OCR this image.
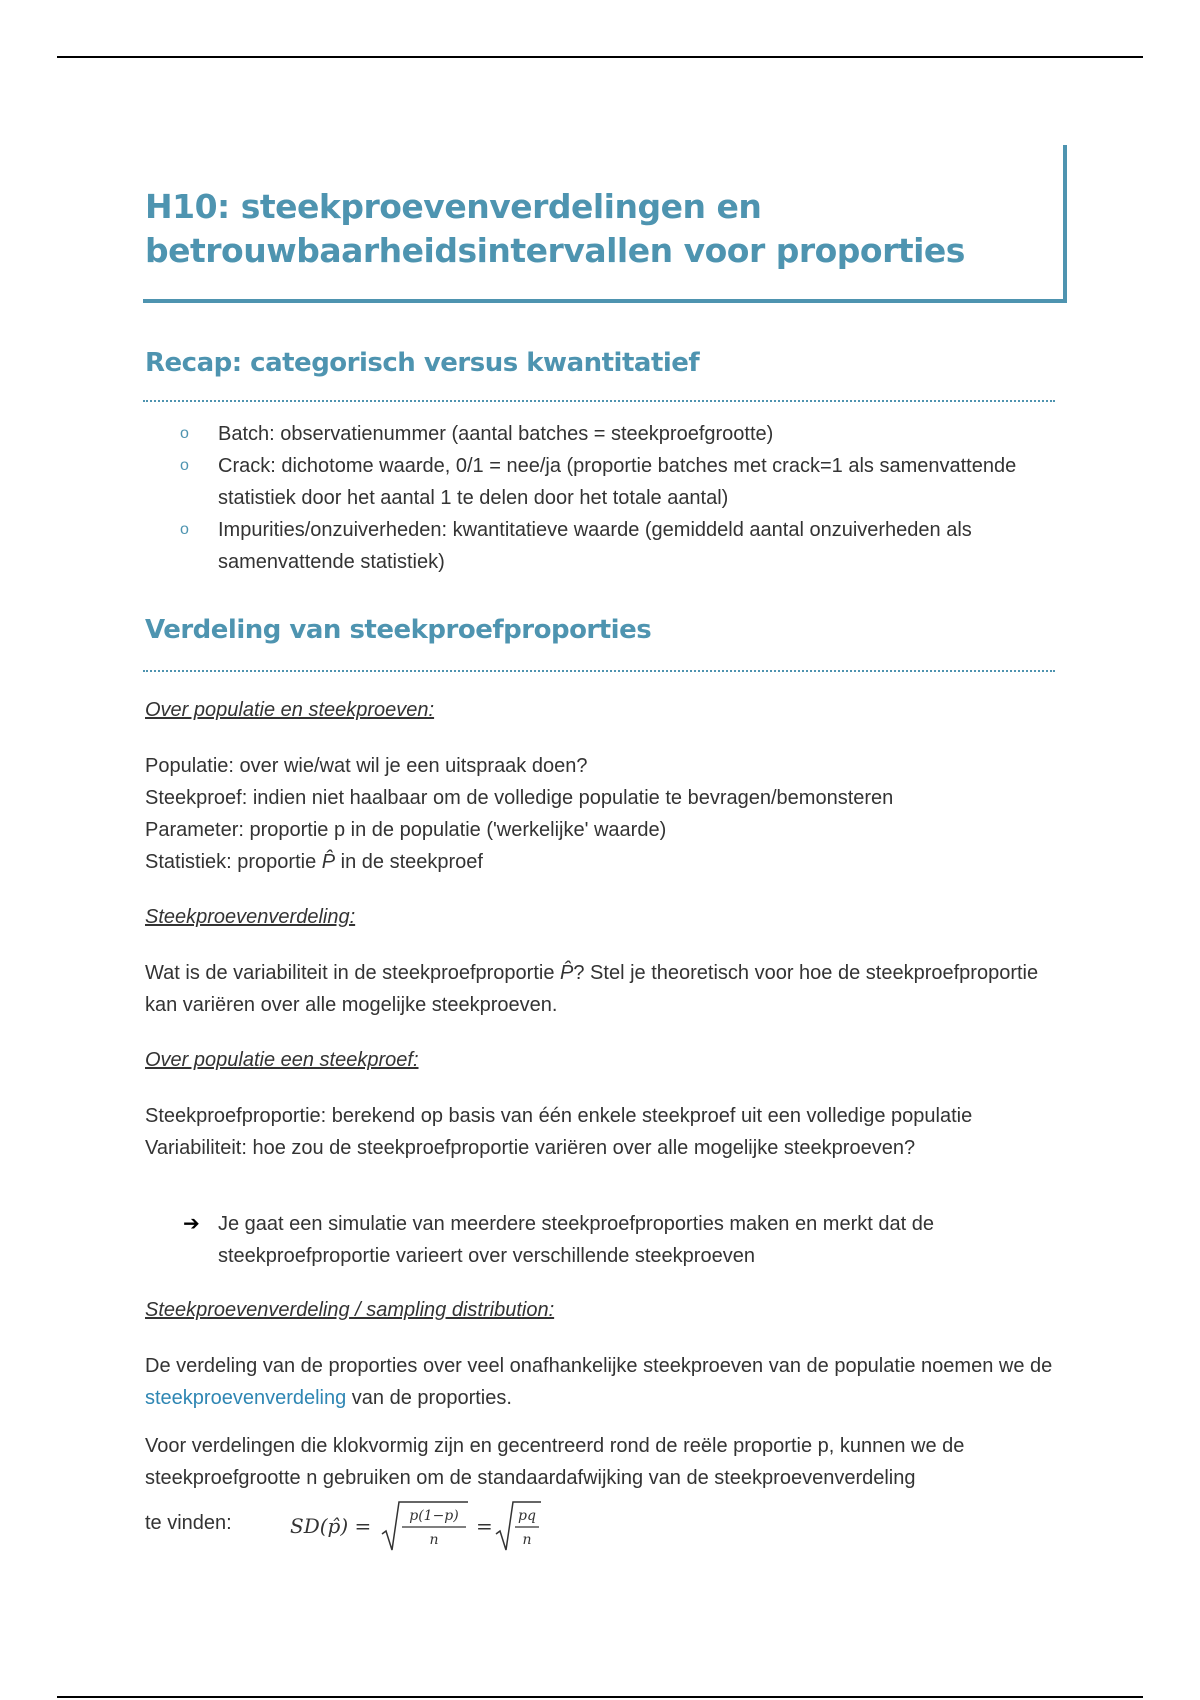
H10: steekproevenverdelingen en betrouwbaarheidsintervallen voor proporties
Recap: categorisch versus kwantitatief
o Batch: observatienummer (aantal batches = steekproefgrootte)
o Crack: dichotome waarde, 0/1 = nee/ja (proportie batches met crack=1 als samenvattende statistiek door het aantal 1 te delen door het totale aantal)
o Impurities/onzuiverheden: kwantitatieve waarde (gemiddeld aantal onzuiverheden als samenvattende statistiek)
Verdeling van steekproefproporties

Over populatie en steekproeven:

Populatie: over wie/wat wil je een uitspraak doen?
Steekproef: indien niet haalbaar om de volledige populatie te bevragen/bemonsteren
Parameter: proportie p in de populatie ('werkelijke' waarde)
Statistiek: proportie P̂ in de steekproef

Steekproevenverdeling:

Wat is de variabiliteit in de steekproefproportie P̂? Stel je theoretisch voor hoe de steekproefproportie kan variëren over alle mogelijke steekproeven.

Over populatie een steekproef:

Steekproefproportie: berekend op basis van één enkele steekproef uit een volledige populatie
Variabiliteit: hoe zou de steekproefproportie variëren over alle mogelijke steekproeven?
➔ Je gaat een simulatie van meerdere steekproefproporties maken en merkt dat de steekproefproportie varieert over verschillende steekproeven

Steekproevenverdeling / sampling distribution:

De verdeling van de proporties over veel onafhankelijke steekproeven van de populatie noemen we de steekproevenverdeling van de proporties.

Voor verdelingen die klokvormig zijn en gecentreerd rond de reële proportie p, kunnen we de steekproefgrootte n gebruiken om de standaardafwijking van de steekproevenverdeling

te vinden:	SD(p̂) =	p(1−p)
n
= pq
n
